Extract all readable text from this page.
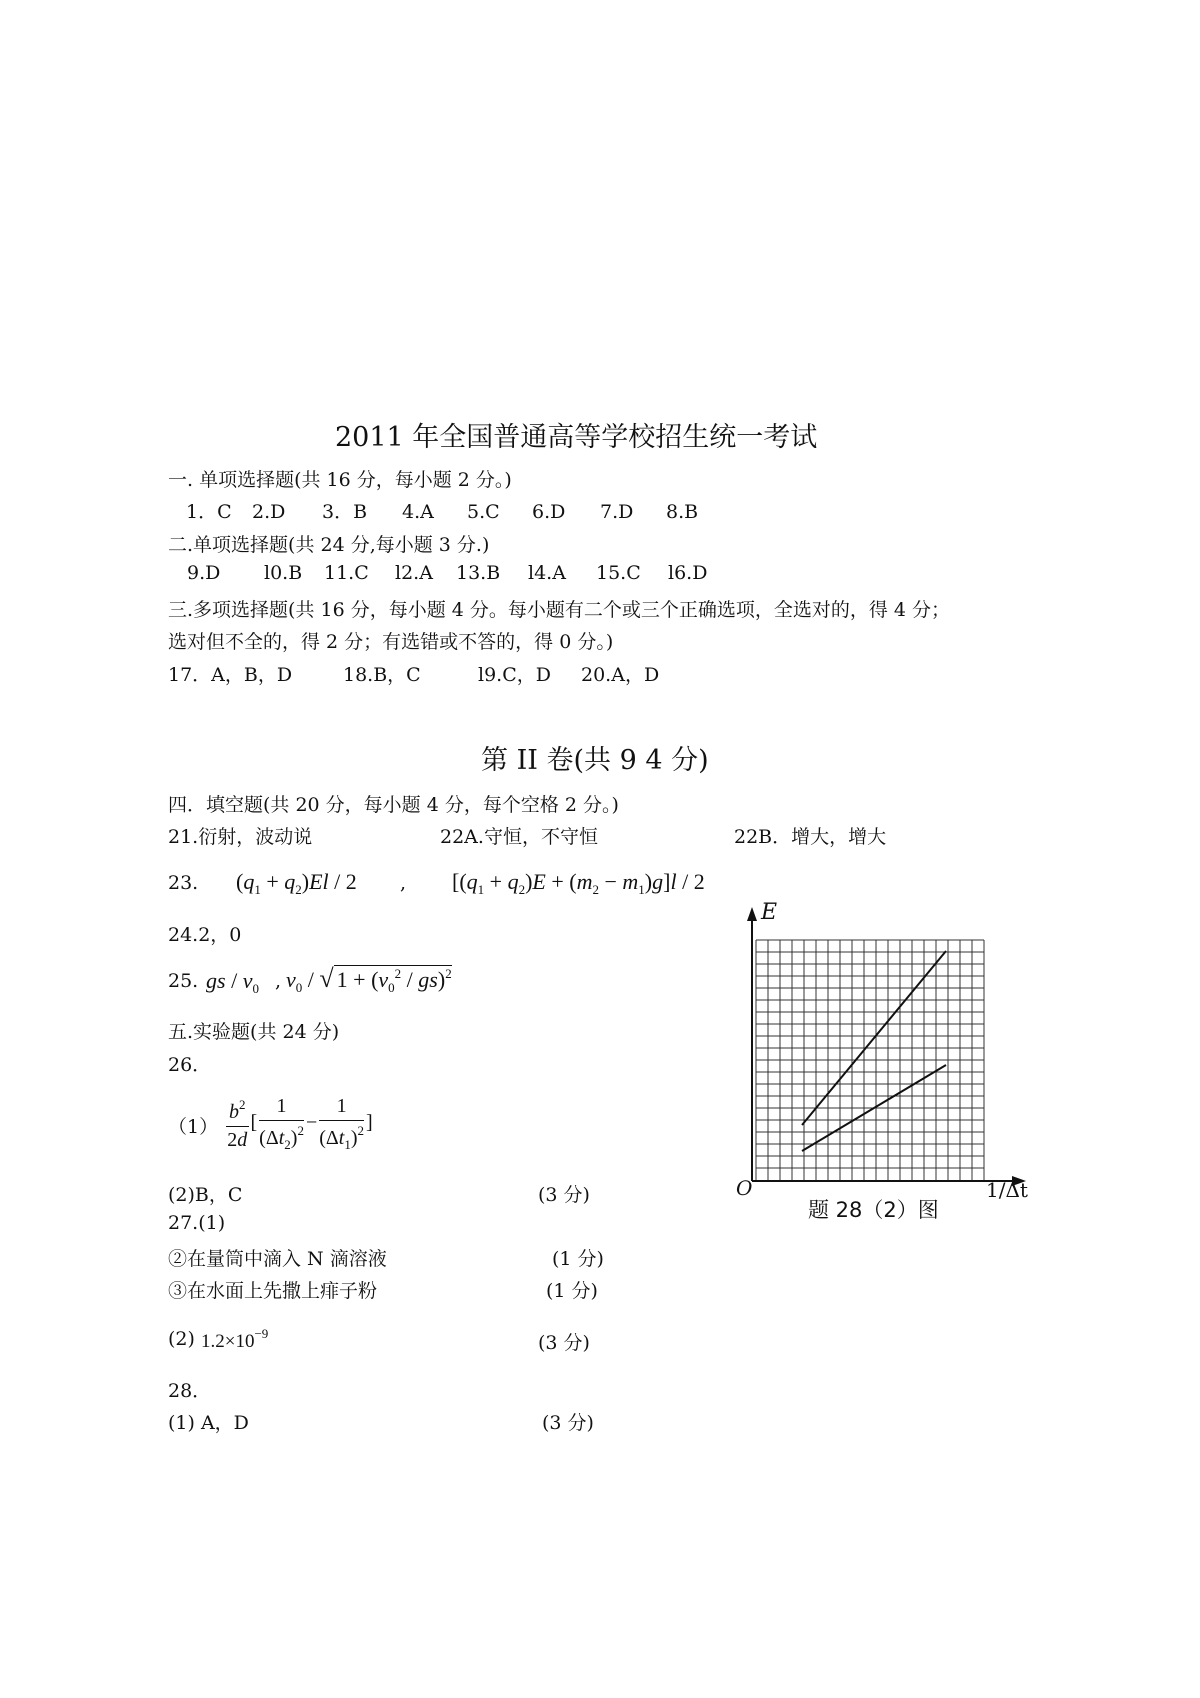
2011 年全国普通高等学校招生统一考试
一. 单项选择题(共 16 分，每小题 2 分。)
1．C 2.D 3．B 4.A 5.C 6.D 7.D 8.B
二.单项选择题(共 24 分,每小题 3 分.)
9.D l0.B 11.C l2.A 13.B l4.A 15.C l6.D
三.多项选择题(共 16 分，每小题 4 分。每小题有二个或三个正确选项，全选对的，得 4 分；
选对但不全的，得 2 分；有选错或不答的，得 0 分。)
17．A，B，D	18.B，C	l9.C，D 20.A，D
第 II 卷(共 9 4 分)
四．填空题(共 20 分，每小题 4 分，每个空格 2 分。)
21.衍射，波动说	22A.守恒，不守恒	22B．增大，增大
23. $(q_1 + q_2)El / 2$ , $[(q_1 + q_2)E + (m_2 - m_1)g]l / 2$
24.2，0
25. gs / $v_0$ , $v_0$ / √ $1 + (v_0^2 / gs)^2$
五.实验题(共 24 分)
26．
$(1) \frac{b^2}{2d}$ [ $\frac{1}{(\Delta t_2)^2} - \frac{1}{(\Delta t_1)^2}$ ]
(2)B，C	(3 分)
27.(1)
②在量筒中滴入 N 滴溶液	(1 分)
③在水面上先撒上痱子粉	(1 分)
(2) $1.2\times 10^{-9}$	(3 分)
28．
(1) A，D	(3 分)
E
O	1/Δt
题 28（2）图
